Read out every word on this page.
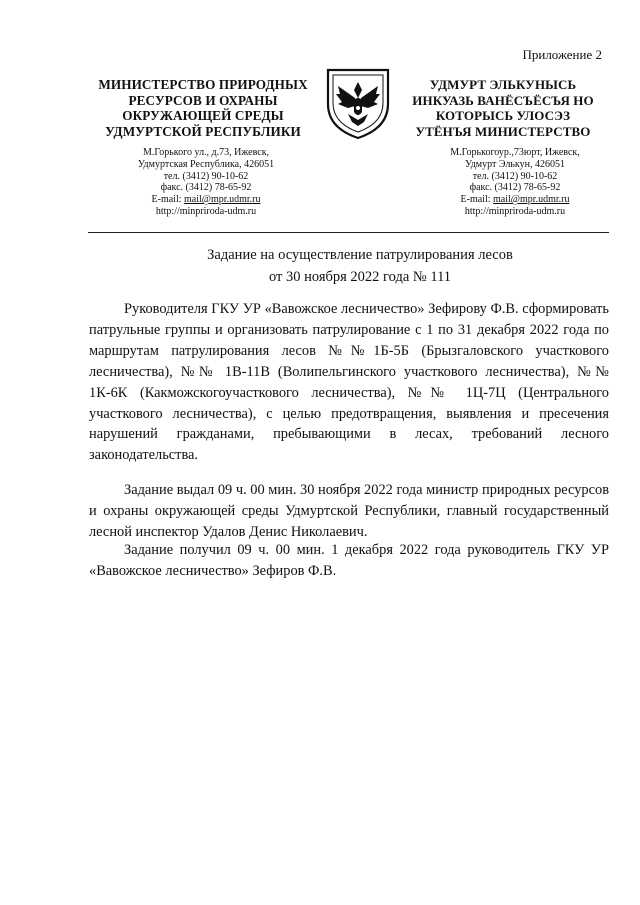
Приложение 2
МИНИСТЕРСТВО ПРИРОДНЫХ
РЕСУРСОВ И ОХРАНЫ
ОКРУЖАЮЩЕЙ СРЕДЫ
УДМУРТСКОЙ РЕСПУБЛИКИ
УДМУРТ ЭЛЬКУНЫСЬ
ИНКУАЗЬ ВАНЁСЪЁСЪЯ НО
КОТОРЫСЬ УЛОСЭЗ
УТЁНЪЯ МИНИСТЕРСТВО
М.Горького ул., д.73, Ижевск,
Удмуртская Республика, 426051
тел. (3412) 90-10-62
факс. (3412) 78-65-92
E-mail: mail@mpr.udmr.ru
http://minpriroda-udm.ru
М.Горькогоур.,73юрт, Ижевск,
Удмурт Элькун, 426051
тел. (3412) 90-10-62
факс. (3412) 78-65-92
E-mail: mail@mpr.udmr.ru
http://minpriroda-udm.ru
Задание на осуществление патрулирования лесов
от 30 ноября 2022 года № 111
Руководителя ГКУ УР «Вавожское лесничество» Зефирову Ф.В. сформировать патрульные группы и организовать патрулирование с 1 по 31 декабря 2022 года по маршрутам патрулирования лесов №№1Б-5Б (Брызгаловского участкового лесничества), №№ 1В-11В (Волипельгинского участкового лесничества), №№ 1К-6К (Какможскогоучасткового лесничества), №№ 1Ц-7Ц (Центрального участкового лесничества), с целью предотвращения, выявления и пресечения нарушений гражданами, пребывающими в лесах, требований лесного законодательства.
Задание выдал 09 ч. 00 мин. 30 ноября 2022 года министр природных ресурсов и охраны окружающей среды Удмуртской Республики, главный государственный лесной инспектор Удалов Денис Николаевич.
Задание получил 09 ч. 00 мин. 1 декабря 2022 года руководитель ГКУ УР «Вавожское лесничество» Зефиров Ф.В.
